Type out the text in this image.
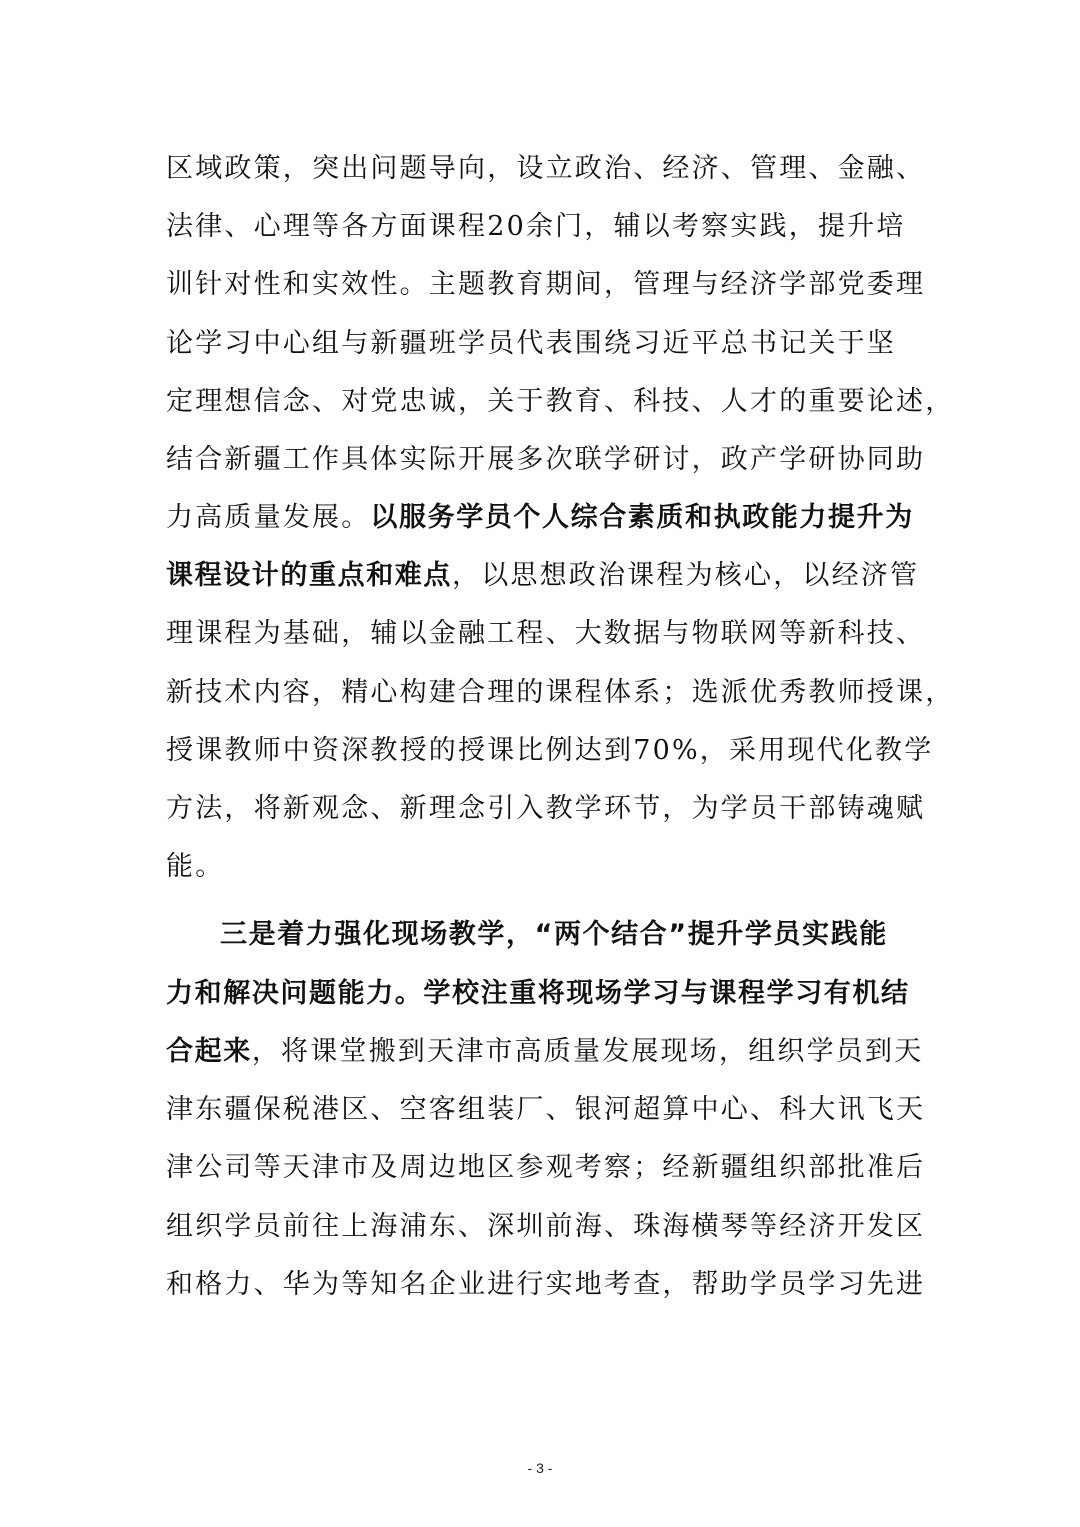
区域政策，突出问题导向，设立政治、经济、管理、金融、
法律、心理等各方面课程20余门，辅以考察实践，提升培
训针对性和实效性。主题教育期间，管理与经济学部党委理
论学习中心组与新疆班学员代表围绕习近平总书记关于坚
定理想信念、对党忠诚，关于教育、科技、人才的重要论述，
结合新疆工作具体实际开展多次联学研讨，政产学研协同助
力高质量发展。以服务学员个人综合素质和执政能力提升为
课程设计的重点和难点，以思想政治课程为核心，以经济管
理课程为基础，辅以金融工程、大数据与物联网等新科技、
新技术内容，精心构建合理的课程体系；选派优秀教师授课，
授课教师中资深教授的授课比例达到70%，采用现代化教学
方法，将新观念、新理念引入教学环节，为学员干部铸魂赋
能。
三是着力强化现场教学，“两个结合”提升学员实践能
力和解决问题能力。学校注重将现场学习与课程学习有机结
合起来，将课堂搬到天津市高质量发展现场，组织学员到天
津东疆保税港区、空客组装厂、银河超算中心、科大讯飞天
津公司等天津市及周边地区参观考察；经新疆组织部批准后
组织学员前往上海浦东、深圳前海、珠海横琴等经济开发区
和格力、华为等知名企业进行实地考查，帮助学员学习先进
- 3 -
